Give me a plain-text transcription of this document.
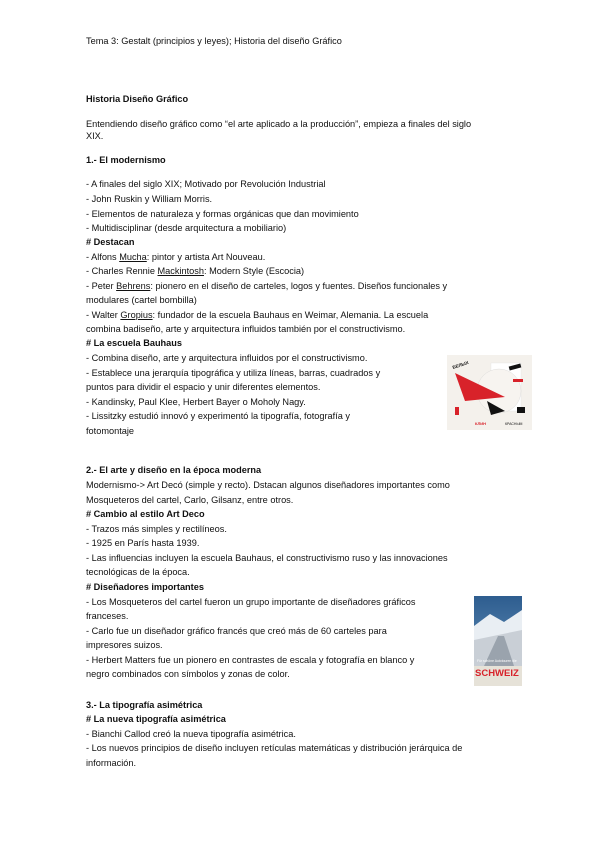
Tema 3: Gestalt (principios y leyes); Historia del diseño Gráfico
Historia Diseño Gráfico
Entendiendo diseño gráfico como “el arte aplicado a la producción”, empieza a finales del siglo
XIX.
1.- El modernismo
- A finales del siglo XIX; Motivado por Revolución Industrial
- John Ruskin y William Morris.
- Elementos de naturaleza y formas orgánicas que dan movimiento
- Multidisciplinar (desde arquitectura a mobiliario)
# Destacan
- Alfons Mucha: pintor y artista Art Nouveau.
- Charles Rennie Mackintosh: Modern Style (Escocia)
- Peter Behrens: pionero en el diseño de carteles, logos y fuentes. Diseños funcionales y
modulares (cartel bombilla)
- Walter Gropius: fundador de la escuela Bauhaus en Weimar, Alemania. La escuela
combina badiseño, arte y arquitectura influidos también por el constructivismo.
# La escuela Bauhaus
- Combina diseño, arte y arquitectura influidos por el constructivismo.
- Establece una jerarquía tipográfica y utiliza líneas, barras, cuadrados y
puntos para dividir el espacio y unir diferentes elementos.
- Kandinsky, Paul Klee, Herbert Bayer o Moholy Nagy.
- Lissitzky estudió innovó y experimentó la tipografía, fotografía y
fotomontaje
БЕЛЫХ
КЛИН	КРАСНЫМ
2.- El arte y diseño en la época moderna
Modernismo-> Art Decó (simple y recto). Dstacan algunos diseñadores importantes como
Mosqueteros del cartel, Carlo, Gilsanz, entre otros.
# Cambio al estilo Art Deco
- Trazos más simples y rectilíneos.
- 1925 en París hasta 1939.
- Las influencias incluyen la escuela Bauhaus, el constructivismo ruso y las innovaciones
tecnológicas de la época.
# Diseñadores importantes
- Los Mosqueteros del cartel fueron un grupo importante de diseñadores gráficos
franceses.
- Carlo fue un diseñador gráfico francés que creó más de 60 carteles para
impresores suizos.
- Herbert Matters fue un pionero en contrastes de escala y fotografía en blanco y
negro combinados con símbolos y zonas de color.
Für schöne Autotouren die
SCHWEIZ
3.- La tipografía asimétrica
# La nueva tipografía asimétrica
- Bianchi Callod creó la nueva tipografía asimétrica.
- Los nuevos principios de diseño incluyen retículas matemáticas y distribución jerárquica de
información.
